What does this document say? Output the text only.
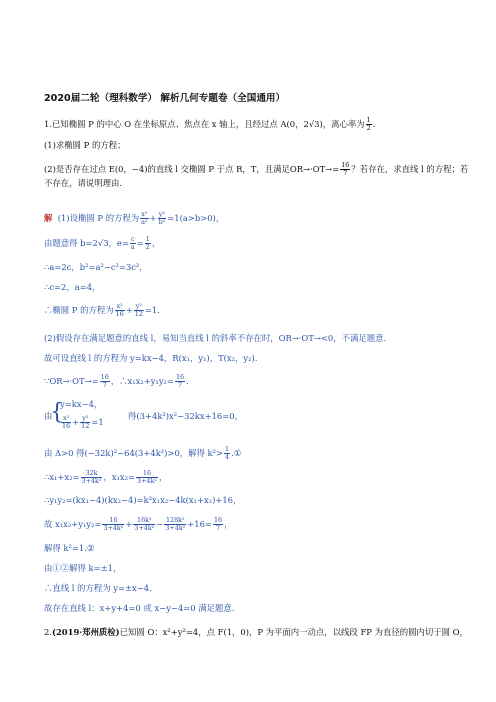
2020届二轮（理科数学） 解析几何专题卷（全国通用）
1.已知椭圆 P 的中心 O 在坐标原点、焦点在 x 轴上，且经过点 A(0，2√3)，离心率为 $\frac{1}{2}$ .
(1)求椭圆 P 的方程；
(2)是否存在过点 E(0，−4)的直线 l 交椭圆 P 于点 R，T，且满足$OR\to\cdot OT\to= \frac{16}{7}$ ？若存在，求直线 l 的方程；若
不存在，请说明理由.
解 (1)设椭圆 P 的方程为 $\frac{\text{x²}}{\text{a²}} + \frac{\text{y²}}{\text{b²}} =1(a>b>0)$，
由题意得 b=2√3，$e= \frac{c}{a} = \frac{1}{2}$ ，
∴a=2c，b²=a²−c²=3c²，
∴c=2，a=4，
∴椭圆 P 的方程为 $\frac{\text{x²}}{16} + \frac{\text{y²}}{12} =1$.
(2)假设存在满足题意的直线 l，易知当直线 l 的斜率不存在时，OR→·OT→<0，不满足题意.
故可设直线 l 的方程为 y=kx−4，R(x₁，y₁)，T(x₂，y₂).
∵OR→·OT→= $\frac{16}{7}$ ，∴x₁x₂+y₁y₂= $\frac{16}{7}$ .
由
{
y=kx−4，
$\frac{\text{x²}}{16} + \frac{\text{y²}}{12} =1$
得(3+4k²)x²−32kx+16=0，
由 Δ>0 得(−32k)²−64(3+4k²)>0，解得 $k^2> \frac{1}{4}$ .①
∴x₁+x₂= $\frac{32k}{\text{3+4k²}}$ ，$x_1x_2= \frac{16}{\text{3+4k²}}$ ，
∴y₁y₂=(kx₁−4)(kx₂−4)=k²x₁x₂−4k(x₁+x₂)+16，
故 $x_1x_2+y_1y_2= \frac{16}{\text{3+4k²}} + \frac{\text{16k²}}{\text{3+4k²}} - \frac{\text{128k²}}{\text{3+4k²}} +16= \frac{16}{7}$ ，
解得 k²=1.②
由①②解得 k=±1，
∴直线 l 的方程为 y=±x−4.
故存在直线 l：x+y+4=0 或 x−y−4=0 满足题意.
2.(2019·郑州质检)已知圆 O：x²+y²=4，点 F(1，0)，P 为平面内一动点，以线段 FP 为直径的圆内切于圆 O，
